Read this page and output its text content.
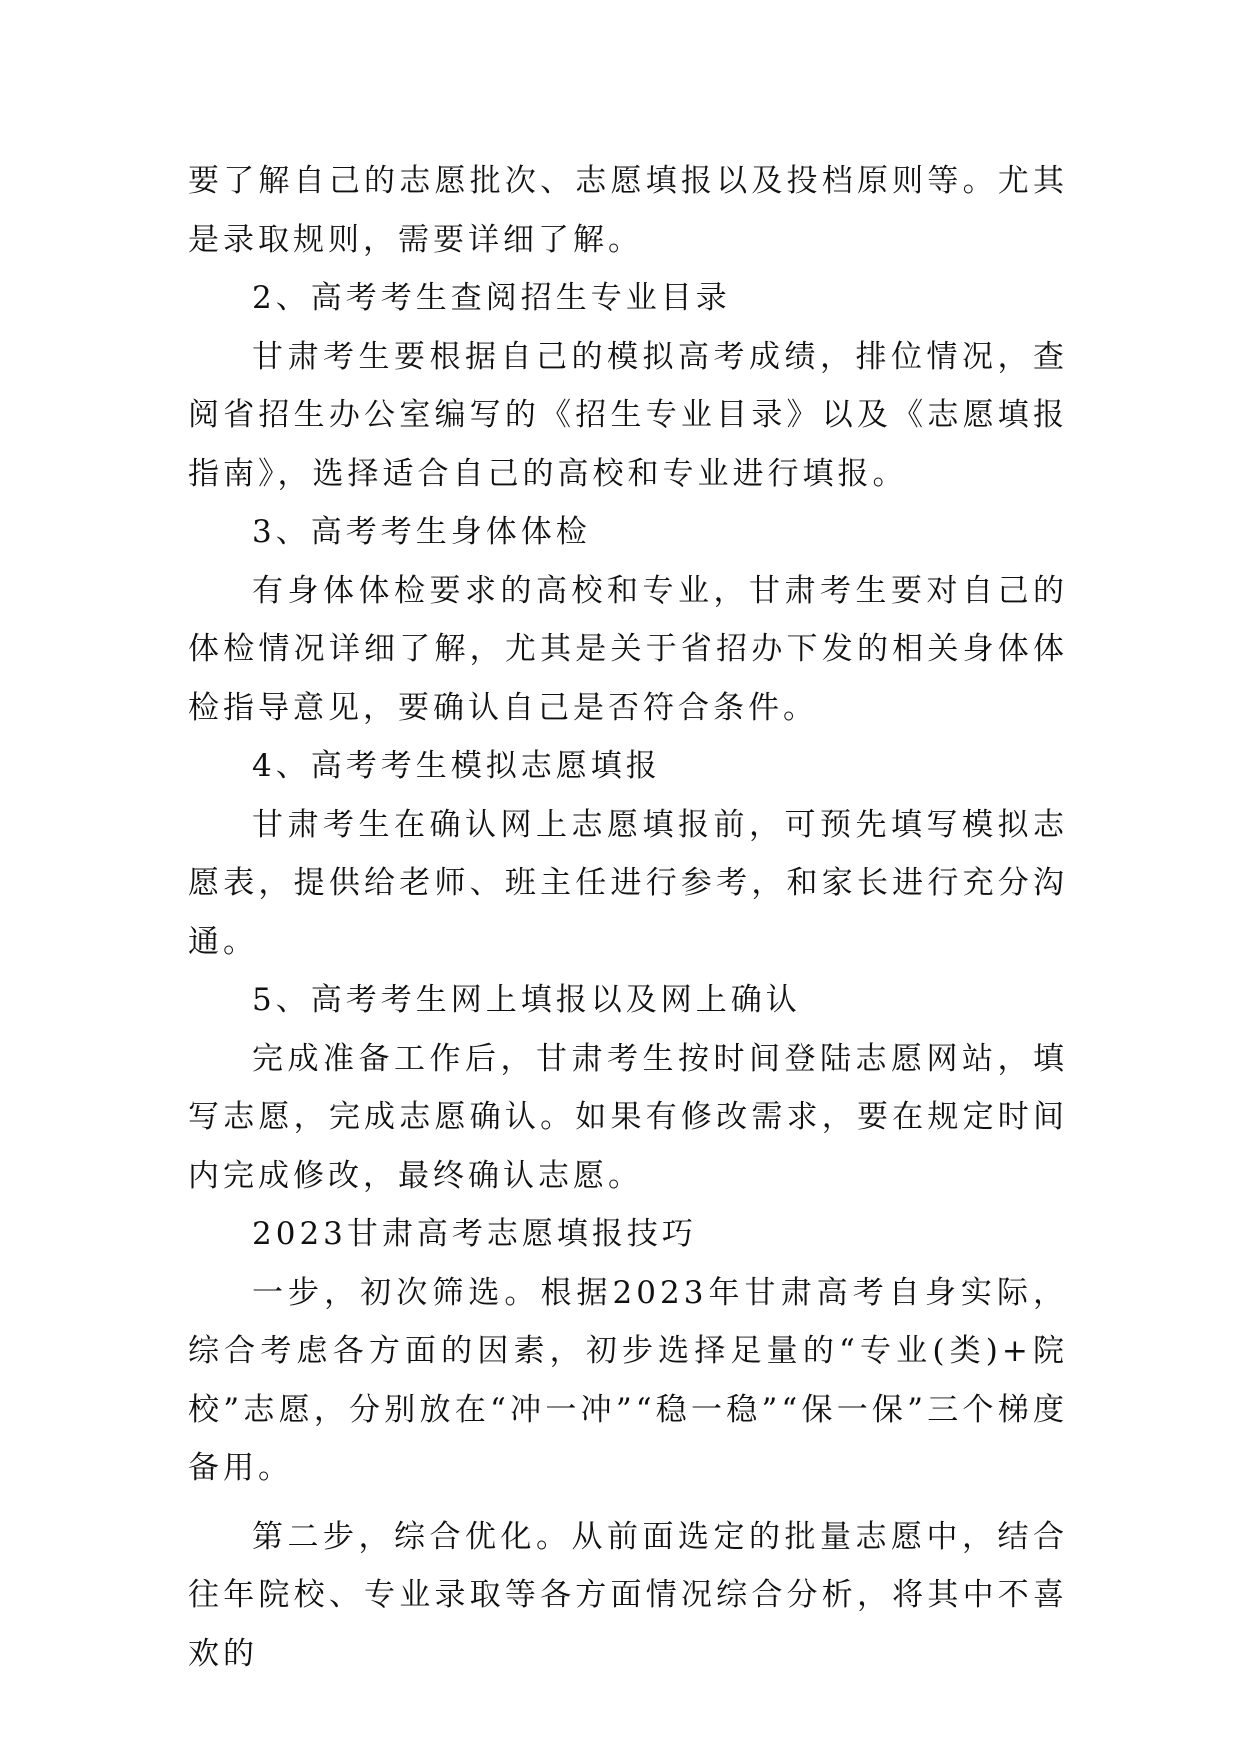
要了解自己的志愿批次、志愿填报以及投档原则等。尤其是录取规则，需要详细了解。

2、高考考生查阅招生专业目录

甘肃考生要根据自己的模拟高考成绩，排位情况，查阅省招生办公室编写的《招生专业目录》以及《志愿填报指南》，选择适合自己的高校和专业进行填报。

3、高考考生身体体检

有身体体检要求的高校和专业，甘肃考生要对自己的体检情况详细了解，尤其是关于省招办下发的相关身体体检指导意见，要确认自己是否符合条件。

4、高考考生模拟志愿填报

甘肃考生在确认网上志愿填报前，可预先填写模拟志愿表，提供给老师、班主任进行参考，和家长进行充分沟通。

5、高考考生网上填报以及网上确认

完成准备工作后，甘肃考生按时间登陆志愿网站，填写志愿，完成志愿确认。如果有修改需求，要在规定时间内完成修改，最终确认志愿。

2023甘肃高考志愿填报技巧

一步，初次筛选。根据2023年甘肃高考自身实际，综合考虑各方面的因素，初步选择足量的“专业(类)+院校”志愿，分别放在“冲一冲”“稳一稳”“保一保”三个梯度备用。

第二步，综合优化。从前面选定的批量志愿中，结合往年院校、专业录取等各方面情况综合分析，将其中不喜欢的
